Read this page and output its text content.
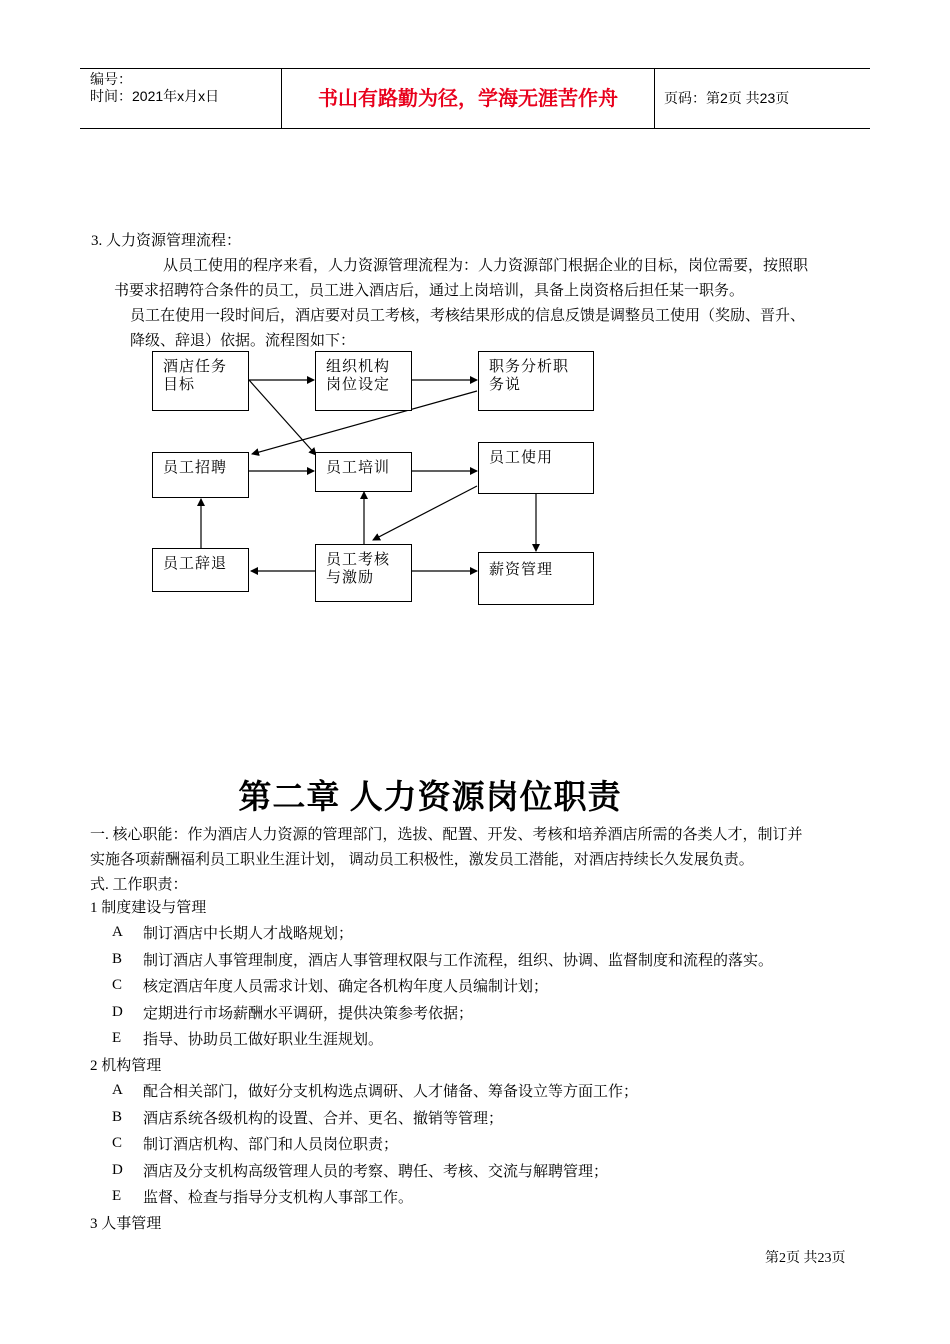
编号：
时间：2021年x月x日	书山有路勤为径，学海无涯苦作舟	页码：第2页 共23页
3. 人力资源管理流程：
从员工使用的程序来看，人力资源管理流程为：人力资源部门根据企业的目标，岗位需要，按照职
书要求招聘符合条件的员工，员工进入酒店后，通过上岗培训，具备上岗资格后担任某一职务。
员工在使用一段时间后，酒店要对员工考核，考核结果形成的信息反馈是调整员工使用（奖励、晋升、
降级、辞退）依据。流程图如下：
酒店任务目标
组织机构岗位设定
职务分析职务说
员工招聘	员工培训
员工使用
员工辞退	员工考核与激励	薪资管理
第二章 人力资源岗位职责
一. 核心职能：作为酒店人力资源的管理部门，选拔、配置、开发、考核和培养酒店所需的各类人才，制订并
实施各项薪酬福利员工职业生涯计划， 调动员工积极性，激发员工潜能，对酒店持续长久发展负责。
式. 工作职责：
1 制度建设与管理
A 制订酒店中长期人才战略规划；
B 制订酒店人事管理制度，酒店人事管理权限与工作流程，组织、协调、监督制度和流程的落实。
C 核定酒店年度人员需求计划、确定各机构年度人员编制计划；
D 定期进行市场薪酬水平调研，提供决策参考依据；
E 指导、协助员工做好职业生涯规划。
2 机构管理
A 配合相关部门，做好分支机构选点调研、人才储备、筹备设立等方面工作；
B 酒店系统各级机构的设置、合并、更名、撤销等管理；
C 制订酒店机构、部门和人员岗位职责；
D 酒店及分支机构高级管理人员的考察、聘任、考核、交流与解聘管理；
E 监督、检查与指导分支机构人事部工作。
3 人事管理
第2页 共23页
